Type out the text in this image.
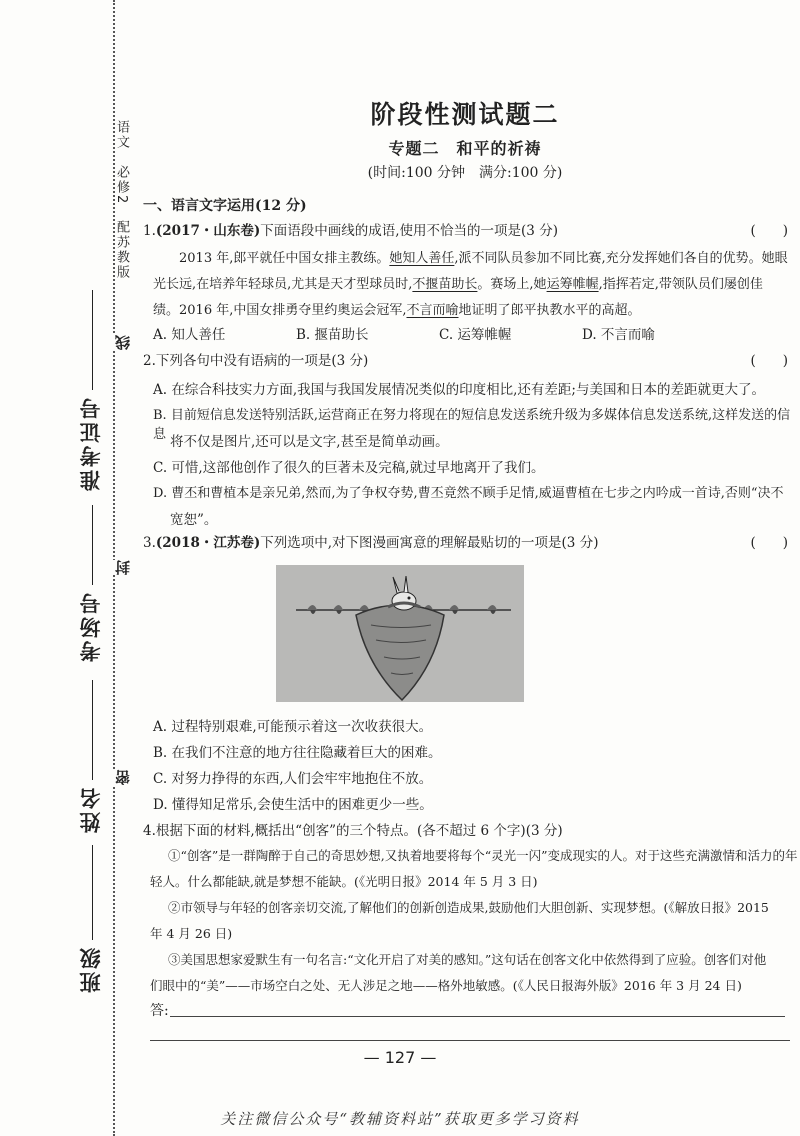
语文　必修2　配苏教版
准考证号
考场号
姓名
班级
线
封
密
阶段性测试题二
专题二　和平的祈祷
(时间:100 分钟　满分:100 分)
一、语言文字运用(12 分)
1.(2017・山东卷)下面语段中画线的成语,使用不恰当的一项是(3 分)	(　　)
2013 年,郎平就任中国女排主教练。她知人善任,派不同队员参加不同比赛,充分发挥她们各自的优势。她眼光长远,在培养年轻球员,尤其是天才型球员时,不揠苗助长。赛场上,她运筹帷幄,指挥若定,带领队员们屡创佳绩。2016 年,中国女排勇夺里约奥运会冠军,不言而喻地证明了郎平执教水平的高超。
A. 知人善任	B. 揠苗助长	C. 运筹帷幄	D. 不言而喻
2.下列各句中没有语病的一项是(3 分)	(　　)
A. 在综合科技实力方面,我国与我国发展情况类似的印度相比,还有差距;与美国和日本的差距就更大了。
B. 目前短信息发送特别活跃,运营商正在努力将现在的短信息发送系统升级为多媒体信息发送系统,这样发送的信息 将不仅是图片,还可以是文字,甚至是简单动画。
C. 可惜,这部他创作了很久的巨著未及完稿,就过早地离开了我们。
D. 曹丕和曹植本是亲兄弟,然而,为了争权夺势,曹丕竟然不顾手足情,威逼曹植在七步之内吟成一首诗,否则“决不
宽恕”。
3.(2018・江苏卷)下列选项中,对下图漫画寓意的理解最贴切的一项是(3 分)	(　　)
A. 过程特别艰难,可能预示着这一次收获很大。
B. 在我们不注意的地方往往隐藏着巨大的困难。
C. 对努力挣得的东西,人们会牢牢地抱住不放。
D. 懂得知足常乐,会使生活中的困难更少一些。
4.根据下面的材料,概括出“创客”的三个特点。(各不超过 6 个字)(3 分)
①“创客”是一群陶醉于自己的奇思妙想,又执着地要将每个“灵光一闪”变成现实的人。对于这些充满激情和活力的年
轻人。什么都能缺,就是梦想不能缺。(《光明日报》2014 年 5 月 3 日)
②市领导与年轻的创客亲切交流,了解他们的创新创造成果,鼓励他们大胆创新、实现梦想。(《解放日报》2015
年 4 月 26 日)
③美国思想家爱默生有一句名言:“文化开启了对美的感知。”这句话在创客文化中依然得到了应验。创客们对他
们眼中的“美”——市场空白之处、无人涉足之地——格外地敏感。(《人民日报海外版》2016 年 3 月 24 日)
答:
— 127 —
关注微信公众号“教辅资料站”获取更多学习资料
